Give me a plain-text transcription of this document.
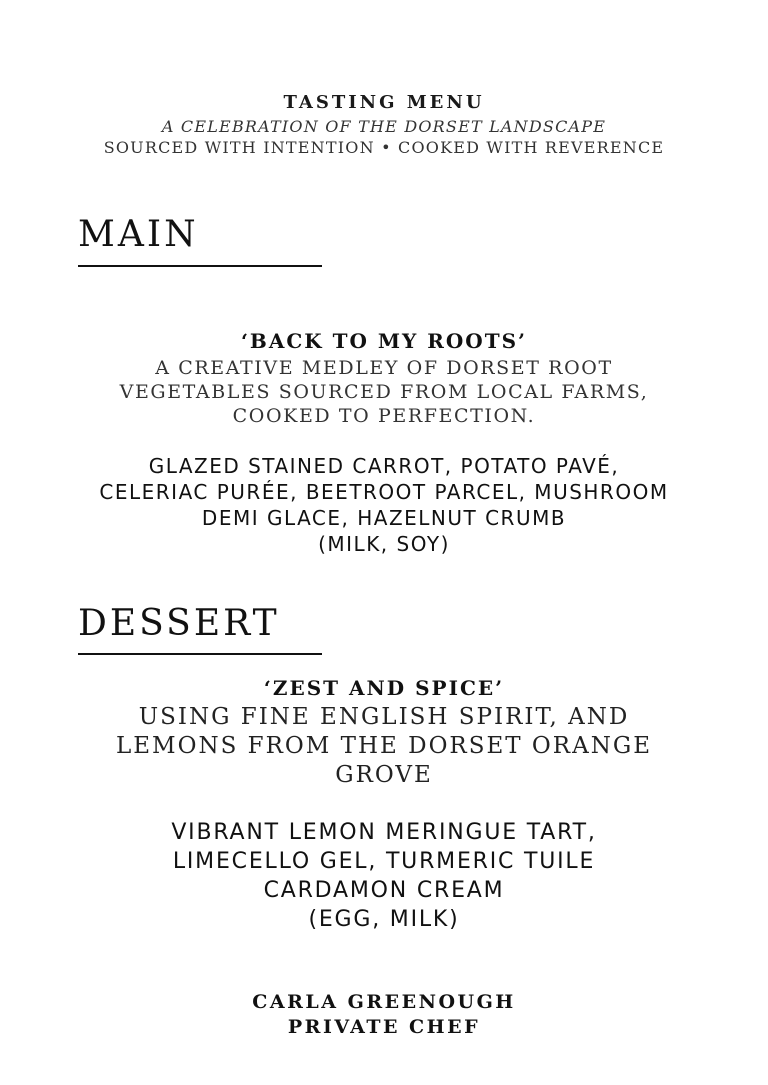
TASTING MENU
A CELEBRATION OF THE DORSET LANDSCAPE
SOURCED WITH INTENTION • COOKED WITH REVERENCE
MAIN
‘BACK TO MY ROOTS’
A CREATIVE MEDLEY OF DORSET ROOT
VEGETABLES SOURCED FROM LOCAL FARMS,
COOKED TO PERFECTION.
GLAZED STAINED CARROT, POTATO PAVÉ,
CELERIAC PURÉE, BEETROOT PARCEL, MUSHROOM
DEMI GLACE, HAZELNUT CRUMB
(MILK, SOY)
DESSERT
‘ZEST AND SPICE’
USING FINE ENGLISH SPIRIT, AND
LEMONS FROM THE DORSET ORANGE
GROVE
VIBRANT LEMON MERINGUE TART,
LIMECELLO GEL, TURMERIC TUILE
CARDAMON CREAM
(EGG, MILK)
CARLA GREENOUGH
PRIVATE CHEF
